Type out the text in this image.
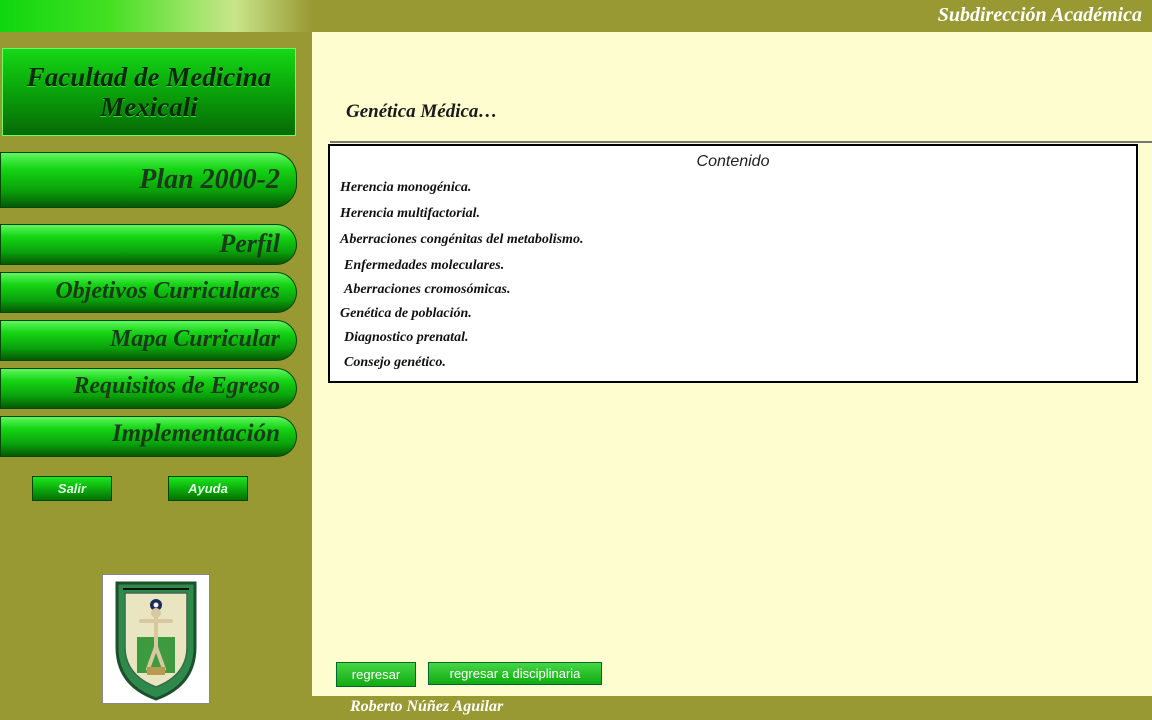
Subdirección Académica
Roberto Núñez Aguilar
Facultad de Medicina
Mexicali
Plan 2000-2
Perfil
Objetivos Curriculares
Mapa Curricular
Requisitos de Egreso
Implementación
Salir	Ayuda
Genética Médica…
Contenido
Herencia monogénica.
Herencia multifactorial.
Aberraciones congénitas del metabolismo.
Enfermedades moleculares.
Aberraciones cromosómicas.
Genética de población.
Diagnostico prenatal.
Consejo genético.
regresar	regresar a disciplinaria
